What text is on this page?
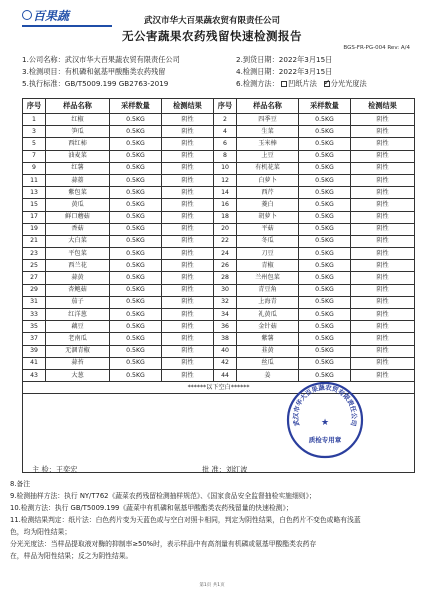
百果蔬	武汉市华大百果蔬农贸有限责任公司
无公害蔬果农药残留快速检测报告
BGS-FR-PG-004 Rev: A/4
1.公司名称：武汉市华大百果蔬农贸有限责任公司	2.到货日期：2022年3月15日
3.检测项目：有机磷和氨基甲酸酯类农药残留	4.检测日期：2022年3月15日
5.执行标准：GB/T5009.199 GB2763-2019	6.检测方法： 凹纸片法 ✓ 分光光度法
序号	样品名称	采样数量	检测结果	序号	样品名称	采样数量	检测结果
1	红椒	0.5KG	阴性	2	四季豆	0.5KG	阴性
3	笋瓜	0.5KG	阴性	4	生菜	0.5KG	阴性
5	西红柿	0.5KG	阴性	6	玉米棒	0.5KG	阴性
7	油麦菜	0.5KG	阴性	8	上豆	0.5KG	阴性
9	红薯	0.5KG	阴性	10	有机花菜	0.5KG	阴性
11	蒜薹	0.5KG	阴性	12	白萝卜	0.5KG	阴性
13	紫包菜	0.5KG	阴性	14	西芹	0.5KG	阴性
15	黄瓜	0.5KG	阴性	16	菱白	0.5KG	阴性
17	鲜口蘑菇	0.5KG	阴性	18	胡萝卜	0.5KG	阴性
19	香菇	0.5KG	阴性	20	平菇	0.5KG	阴性
21	大白菜	0.5KG	阴性	22	冬瓜	0.5KG	阴性
23	平包菜	0.5KG	阴性	24	刀豆	0.5KG	阴性
25	西兰花	0.5KG	阴性	26	青椒	0.5KG	阴性
27	蒜黄	0.5KG	阴性	28	兰州包菜	0.5KG	阴性
29	杏鲍菇	0.5KG	阴性	30	青豆角	0.5KG	阴性
31	茄子	0.5KG	阴性	32	上海青	0.5KG	阴性
33	红洋葱	0.5KG	阴性	34	礼黄瓜	0.5KG	阴性
35	藕豆	0.5KG	阴性	36	金针菇	0.5KG	阴性
37	老南瓜	0.5KG	阴性	38	紫薯	0.5KG	阴性
39	无涸青椒	0.5KG	阴性	40	韭黄	0.5KG	阴性
41	蒜苔	0.5KG	阴性	42	丝瓜	0.5KG	阴性
43	大葱	0.5KG	阴性	44	姜	0.5KG	阴性
******以下空白******							

武汉市华大百果蔬农贸有限责任公司
★
质检专用章
主 检：王奕宏	批 准：刘红波
8.备注
9.检测抽样方法：执行 NY/T762《蔬菜农药残留检测抽样规范》、《国家食品安全监督抽检实施细则》；
10.检测方法：执行 GB/T5009.199《蔬菜中有机磷和氨基甲酸酯类农药残留量的快速检测》；
11.检测结果判定：纸片法：白色药片变为天蓝色或与空白对照卡相同，判定为阴性结果，白色药片不变色或略有浅蓝
色，均为阳性结果；
分光光度法：当样品提取液对酶的抑制率≥50%时，表示样品中有高剂量有机磷或氨基甲酸酯类农药存
在，样品为阳性结果；反之为阴性结果。
第1页 共1页
